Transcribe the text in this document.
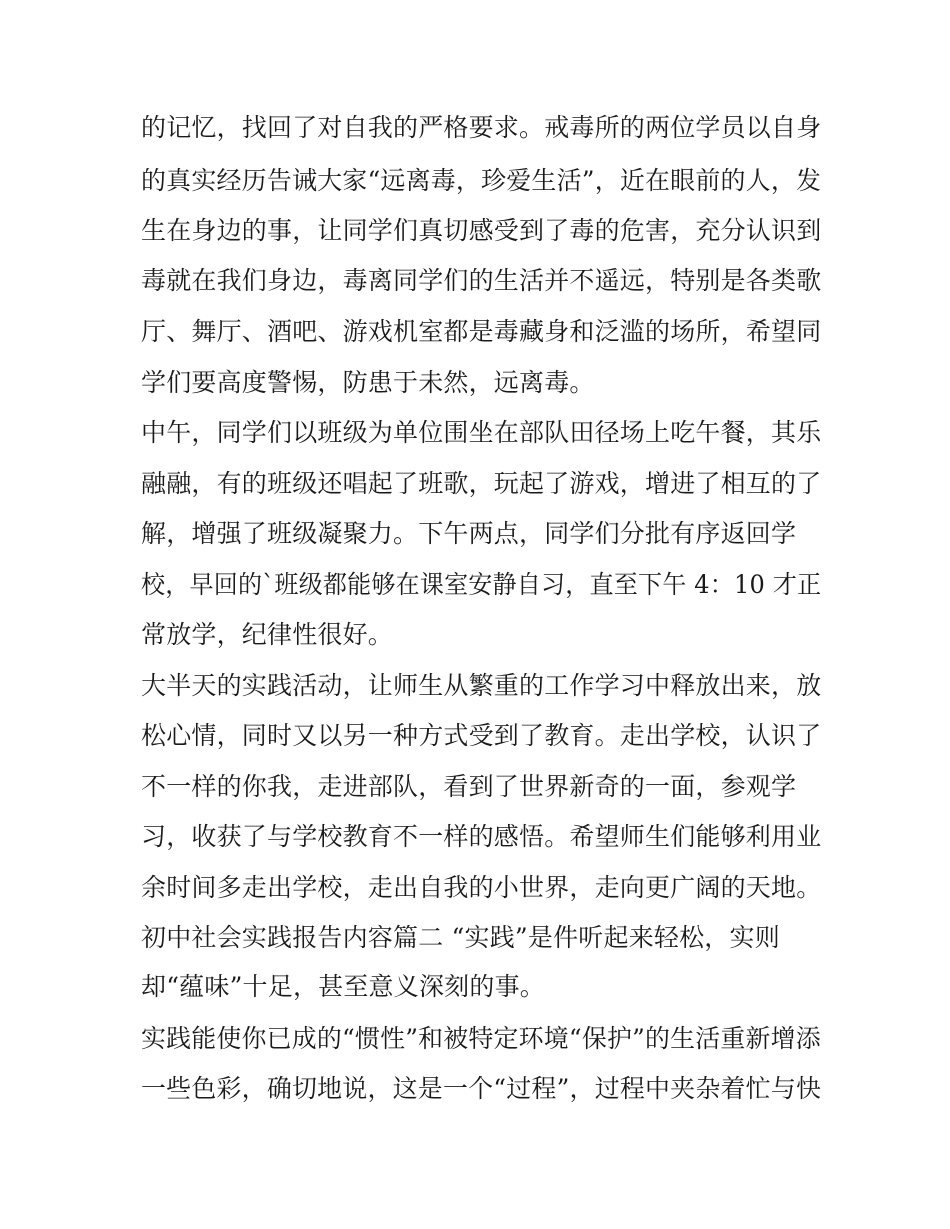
的记忆，找回了对自我的严格要求。戒毒所的两位学员以自身
的真实经历告诫大家“远离毒，珍爱生活”，近在眼前的人，发
生在身边的事，让同学们真切感受到了毒的危害，充分认识到
毒就在我们身边，毒离同学们的生活并不遥远，特别是各类歌
厅、舞厅、酒吧、游戏机室都是毒藏身和泛滥的场所，希望同
学们要高度警惕，防患于未然，远离毒。
中午，同学们以班级为单位围坐在部队田径场上吃午餐，其乐
融融，有的班级还唱起了班歌，玩起了游戏，增进了相互的了
解，增强了班级凝聚力。下午两点，同学们分批有序返回学
校，早回的`班级都能够在课室安静自习，直至下午 4：10 才正
常放学，纪律性很好。
大半天的实践活动，让师生从繁重的工作学习中释放出来，放
松心情，同时又以另一种方式受到了教育。走出学校，认识了
不一样的你我，走进部队，看到了世界新奇的一面，参观学
习，收获了与学校教育不一样的感悟。希望师生们能够利用业
余时间多走出学校，走出自我的小世界，走向更广阔的天地。
初中社会实践报告内容篇二 “实践”是件听起来轻松，实则
却“蕴味”十足，甚至意义深刻的事。
实践能使你已成的“惯性”和被特定环境“保护”的生活重新增添
一些色彩，确切地说，这是一个“过程”，过程中夹杂着忙与快
